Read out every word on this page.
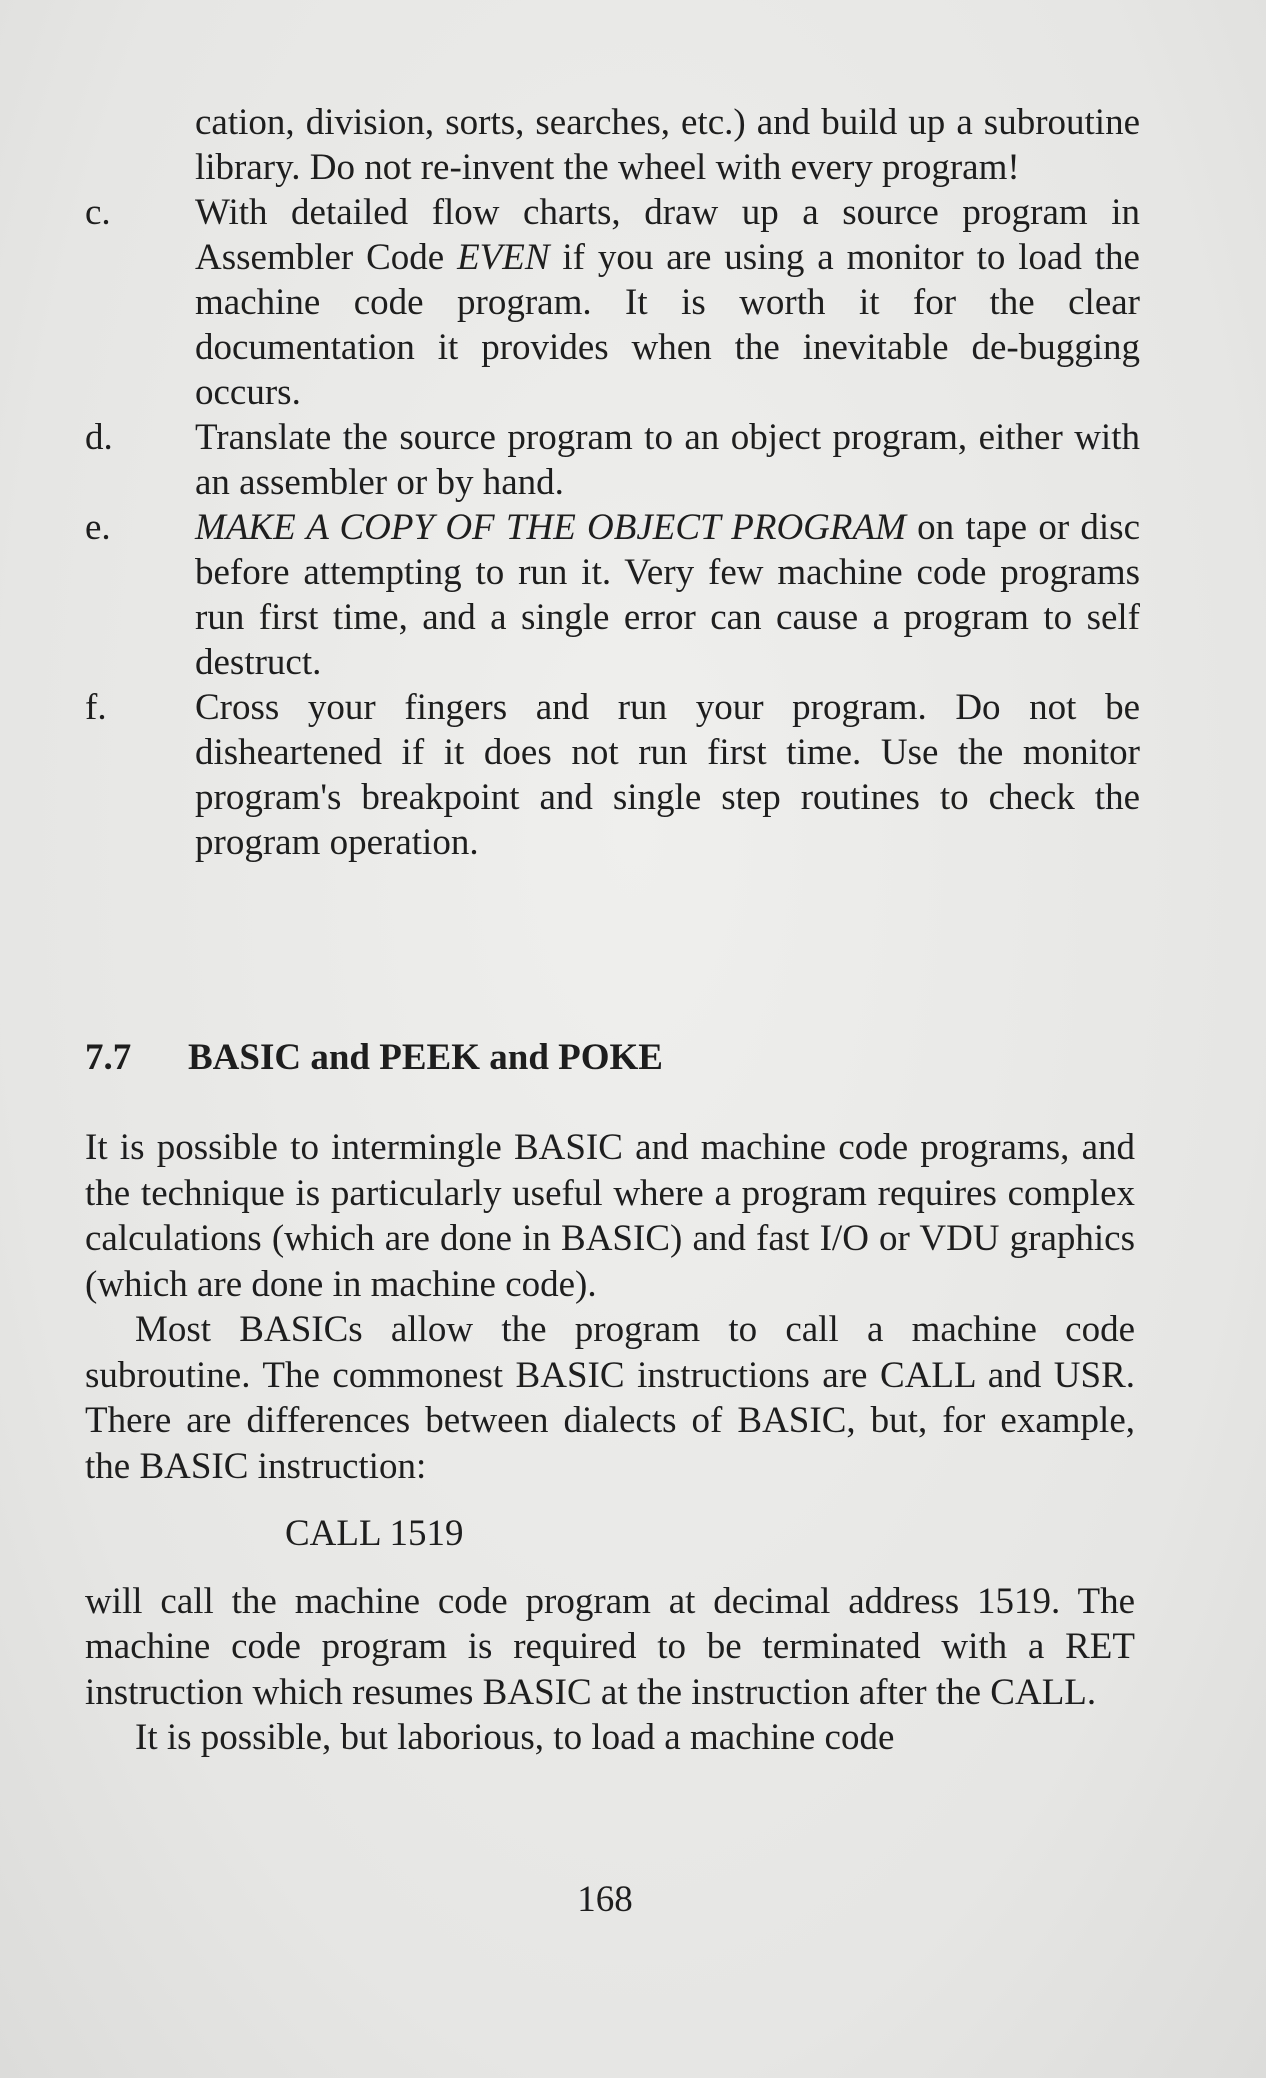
cation, division, sorts, searches, etc.) and build up a subroutine library. Do not re-invent the wheel with every program!
c.	With detailed flow charts, draw up a source program in Assembler Code EVEN if you are using a monitor to load the machine code program. It is worth it for the clear documentation it provides when the inevitable de-bugging occurs.
d.	Translate the source program to an object program, either with an assembler or by hand.
e.	MAKE A COPY OF THE OBJECT PROGRAM on tape or disc before attempting to run it. Very few machine code programs run first time, and a single error can cause a program to self destruct.
f.	Cross your fingers and run your program. Do not be disheartened if it does not run first time. Use the monitor program's breakpoint and single step routines to check the program operation.
7.7	BASIC and PEEK and POKE

It is possible to intermingle BASIC and machine code programs, and the technique is particularly useful where a program requires complex calculations (which are done in BASIC) and fast I/O or VDU graphics (which are done in machine code).

Most BASICs allow the program to call a machine code subroutine. The commonest BASIC instructions are CALL and USR. There are differences between dialects of BASIC, but, for example, the BASIC instruction:

CALL 1519

will call the machine code program at decimal address 1519. The machine code program is required to be terminated with a RET instruction which resumes BASIC at the instruction after the CALL.

It is possible, but laborious, to load a machine code

168
